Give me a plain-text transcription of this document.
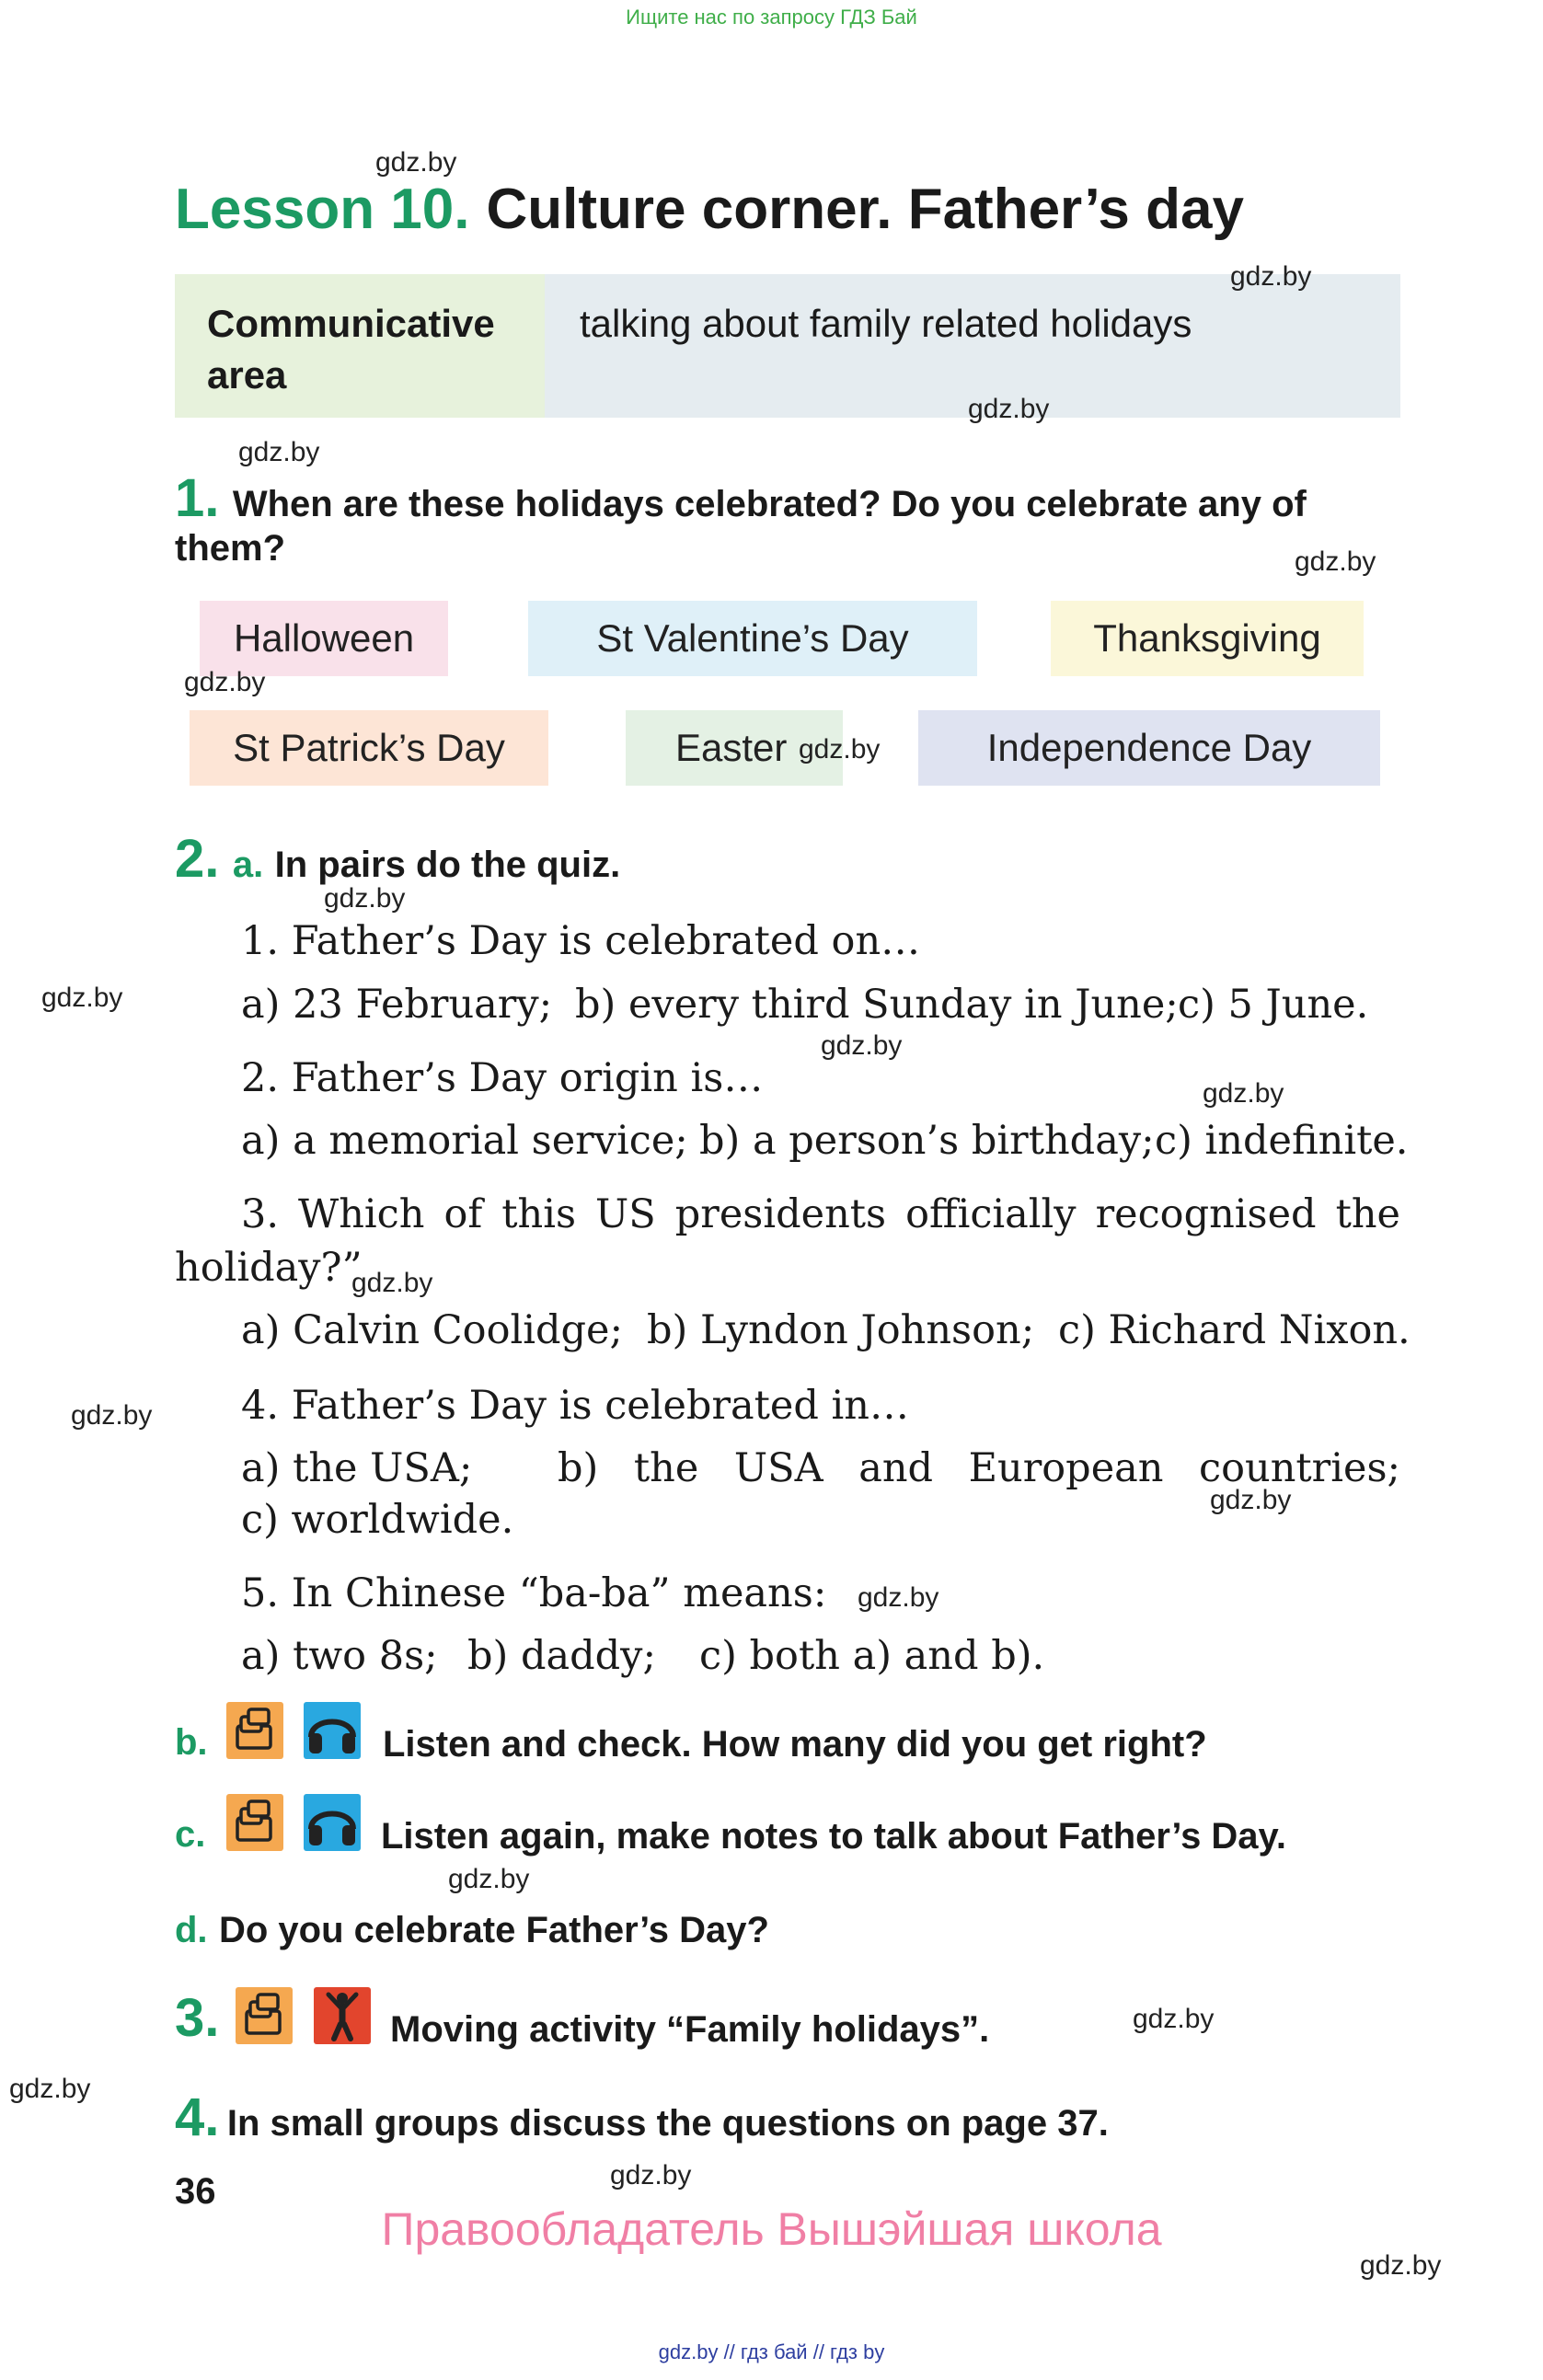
Ищите нас по запросу ГДЗ Бай
Lesson 10. Culture corner. Father’s day
Communicative area
talking about family related holidays
1. When are these holidays celebrated? Do you celebrate any of
them?
Halloween	St Valentine’s Day	Thanksgiving
St Patrick’s Day	Easter	Independence Day
2. a. In pairs do the quiz.
1. Father’s Day is celebrated on…
a) 23 February; b) every third Sunday in June; c) 5 June.
2. Father’s Day origin is…
a) a memorial service; b) a person’s birthday; c) indefinite.
3. Which of this US presidents officially recognised the
holiday?”
a) Calvin Coolidge; b) Lyndon Johnson; c) Richard Nixon.
4. Father’s Day is celebrated in…
a) the USA; b) the USA and European countries;
c) worldwide.
5. In Chinese “ba-ba” means:
a) two 8s; b) daddy; c) both a) and b).
b.	Listen and check. How many did you get right?
c.	Listen again, make notes to talk about Father’s Day.
d. Do you celebrate Father’s Day?
3.	Moving activity “Family holidays”.
4. In small groups discuss the questions on page 37.
36
Правообладатель Вышэйшая школа
gdz.by // гдз бай // гдз by
gdz.by
gdz.by
gdz.by
gdz.by
gdz.by
gdz.by
gdz.by
gdz.by
gdz.by
gdz.by
gdz.by
gdz.by
gdz.by
gdz.by
gdz.by
gdz.by
gdz.by
gdz.by
gdz.by
gdz.by
